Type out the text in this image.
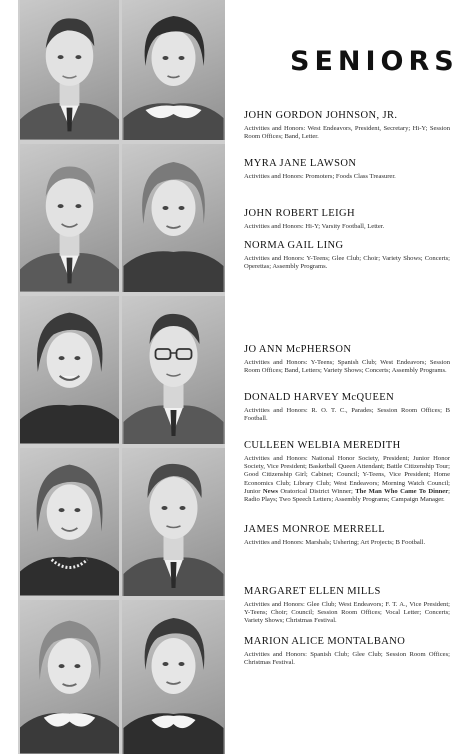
SENIORS

JOHN GORDON JOHNSON, JR.

Activities and Honors: West Endeavors, President, Secretary; Hi-Y; Session Room Offices; Band, Letter.

MYRA JANE LAWSON

Activities and Honors: Promoters; Foods Class Treasurer.

JOHN ROBERT LEIGH

Activities and Honors: Hi-Y; Varsity Football, Letter.

NORMA GAIL LING

Activities and Honors: Y-Teens; Glee Club; Choir; Variety Shows; Concerts; Operettas; Assembly Programs.

JO ANN McPHERSON

Activities and Honors: Y-Teens; Spanish Club; West Endeavors; Session Room Offices; Band, Letters; Variety Shows; Concerts; Assembly Programs.

DONALD HARVEY McQUEEN

Activities and Honors: R. O. T. C., Parades; Session Room Offices; B Football.

CULLEEN WELBIA MEREDITH

Activities and Honors: National Honor Society, President; Junior Honor Society, Vice President; Basketball Queen Attendant; Battle Citizenship Tour; Good Citizenship Girl; Cabinet; Council; Y-Teens, Vice President; Home Economics Club; Library Club; West Endeavors; Morning Watch Council; Junior News Oratorical District Winner; The Man Who Came To Dinner; Radio Plays; Two Speech Letters; Assembly Programs; Campaign Manager.

JAMES MONROE MERRELL

Activities and Honors: Marshals; Ushering; Art Projects; B Football.

MARGARET ELLEN MILLS

Activities and Honors: Glee Club; West Endeavors; F. T. A., Vice President; Y-Teens; Choir; Council; Session Room Offices; Vocal Letter; Concerts; Variety Shows; Christmas Festival.

MARION ALICE MONTALBANO

Activities and Honors: Spanish Club; Glee Club; Session Room Offices; Christmas Festival.
